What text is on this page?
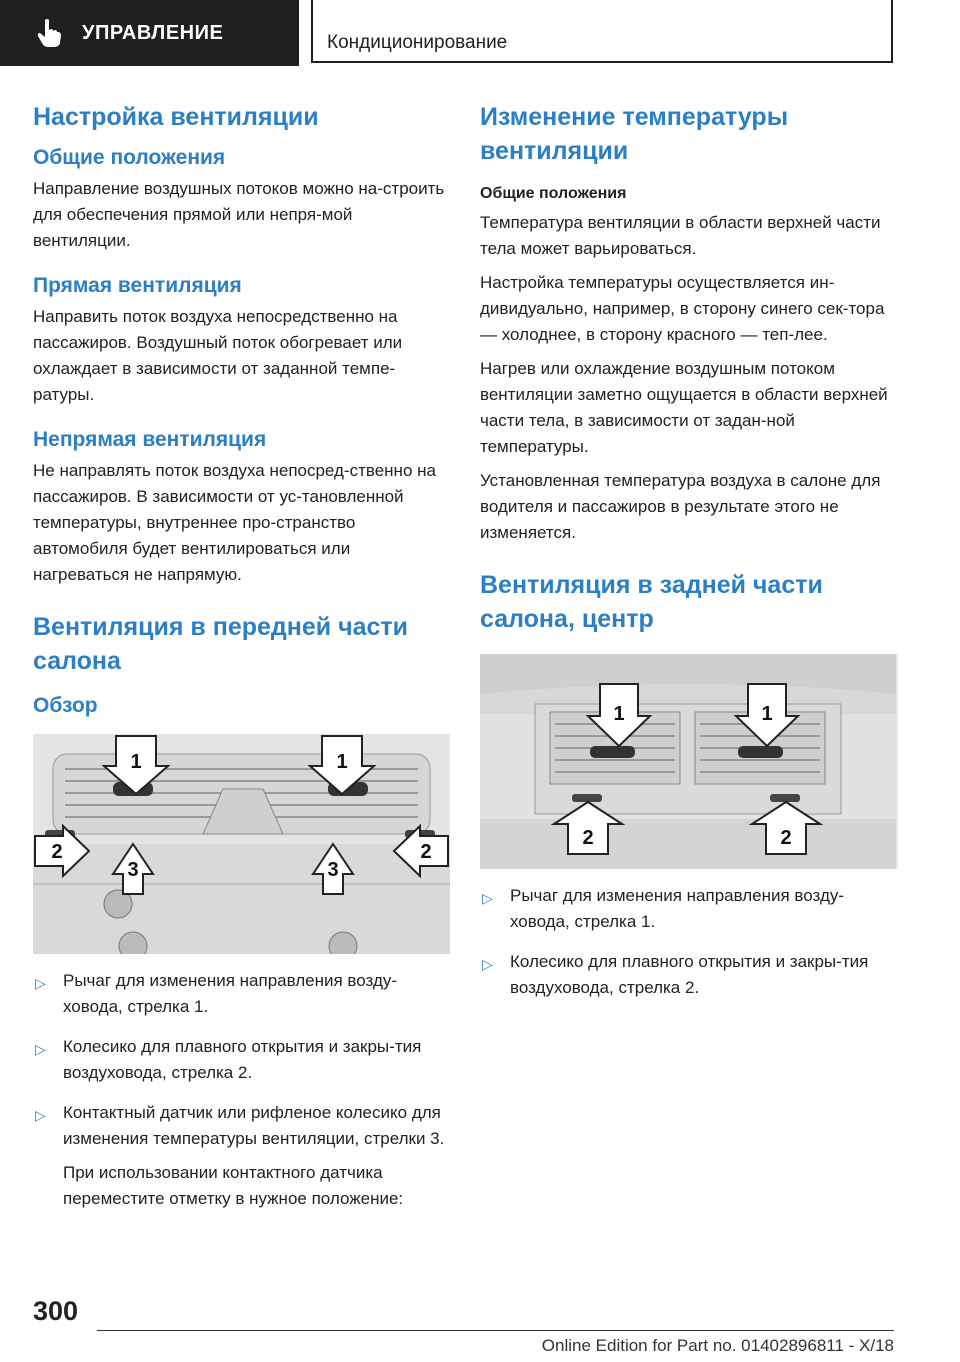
УПРАВЛЕНИЕ	Кондиционирование
Настройка вентиляции
Общие положения

Направление воздушных потоков можно на-строить для обеспечения прямой или непря-мой вентиляции.

Прямая вентиляция

Направить поток воздуха непосредственно на пассажиров. Воздушный поток обогревает или охлаждает в зависимости от заданной темпе-ратуры.

Непрямая вентиляция

Не направлять поток воздуха непосред-ственно на пассажиров. В зависимости от ус-тановленной температуры, внутреннее про-странство автомобиля будет вентилироваться или нагреваться не напрямую.

Вентиляция в передней части салона
Обзор
1	1
2
3	3
2
▷ Рычаг для изменения направления возду-ховода, стрелка 1.
▷ Колесико для плавного открытия и закры-тия воздуховода, стрелка 2.
▷ Контактный датчик или рифленое колесико для изменения температуры вентиляции, стрелки 3.

При использовании контактного датчика переместите отметку в нужное положение:

Изменение температуры вентиляции
Общие положения

Температура вентиляции в области верхней части тела может варьироваться.

Настройка температуры осуществляется ин-дивидуально, например, в сторону синего сек-тора — холоднее, в сторону красного — теп-лее.

Нагрев или охлаждение воздушным потоком вентиляции заметно ощущается в области верхней части тела, в зависимости от задан-ной температуры.

Установленная температура воздуха в салоне для водителя и пассажиров в результате этого не изменяется.

Вентиляция в задней части салона, центр
1	1
2	2
▷ Рычаг для изменения направления возду-ховода, стрелка 1.
▷ Колесико для плавного открытия и закры-тия воздуховода, стрелка 2.
300
Online Edition for Part no. 01402896811 - X/18
